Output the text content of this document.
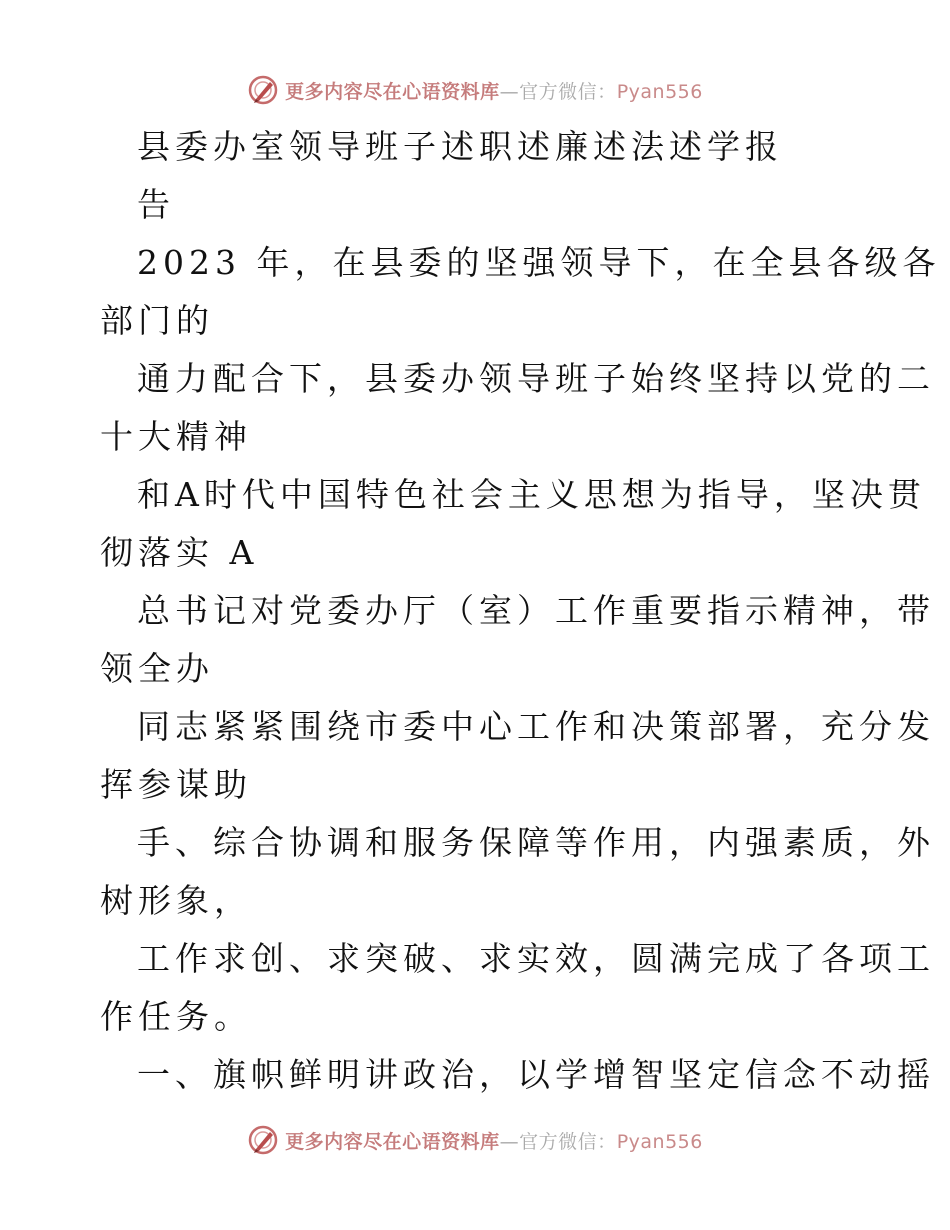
更多内容尽在心语资料库—官方微信：Pyan556
县委办室领导班子述职述廉述法述学报
告
2023 年，在县委的坚强领导下，在全县各级各
部门的
通力配合下，县委办领导班子始终坚持以党的二
十大精神
和A时代中国特色社会主义思想为指导，坚决贯
彻落实 A
总书记对党委办厅（室）工作重要指示精神，带
领全办
同志紧紧围绕市委中心工作和决策部署，充分发
挥参谋助
手、综合协调和服务保障等作用，内强素质，外
树形象，
工作求创、求突破、求实效，圆满完成了各项工
作任务。
一、旗帜鲜明讲政治，以学增智坚定信念不动摇
更多内容尽在心语资料库—官方微信：Pyan556
